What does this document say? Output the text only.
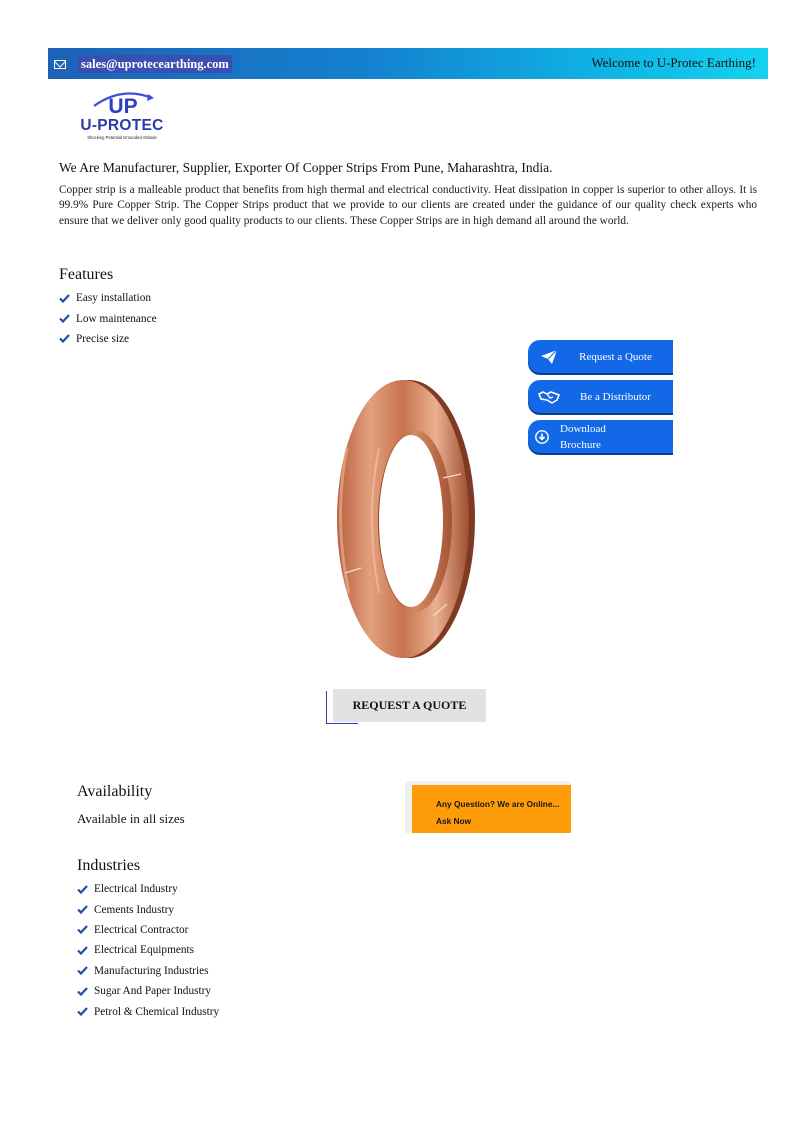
sales@uprotecearthing.com	Welcome to U-Protec Earthing!
UP
U-PROTEC
Shocking Potential Grounded Attitude
We Are Manufacturer, Supplier, Exporter Of Copper Strips From Pune, Maharashtra, India.
Copper strip is a malleable product that benefits from high thermal and electrical conductivity. Heat dissipation in copper is superior to other alloys. It is 99.9% Pure Copper Strip. The Copper Strips product that we provide to our clients are created under the guidance of our quality check experts who ensure that we deliver only good quality products to our clients. These Copper Strips are in high demand all around the world.
Features
Easy installation
Low maintenance
Precise size
Request a Quote
Be a Distributor
Download
Brochure
REQUEST A QUOTE
Any Question? We are Online...
Ask Now
Availability
Available in all sizes
Industries
Electrical Industry
Cements Industry
Electrical Contractor
Electrical Equipments
Manufacturing Industries
Sugar And Paper Industry
Petrol & Chemical Industry
